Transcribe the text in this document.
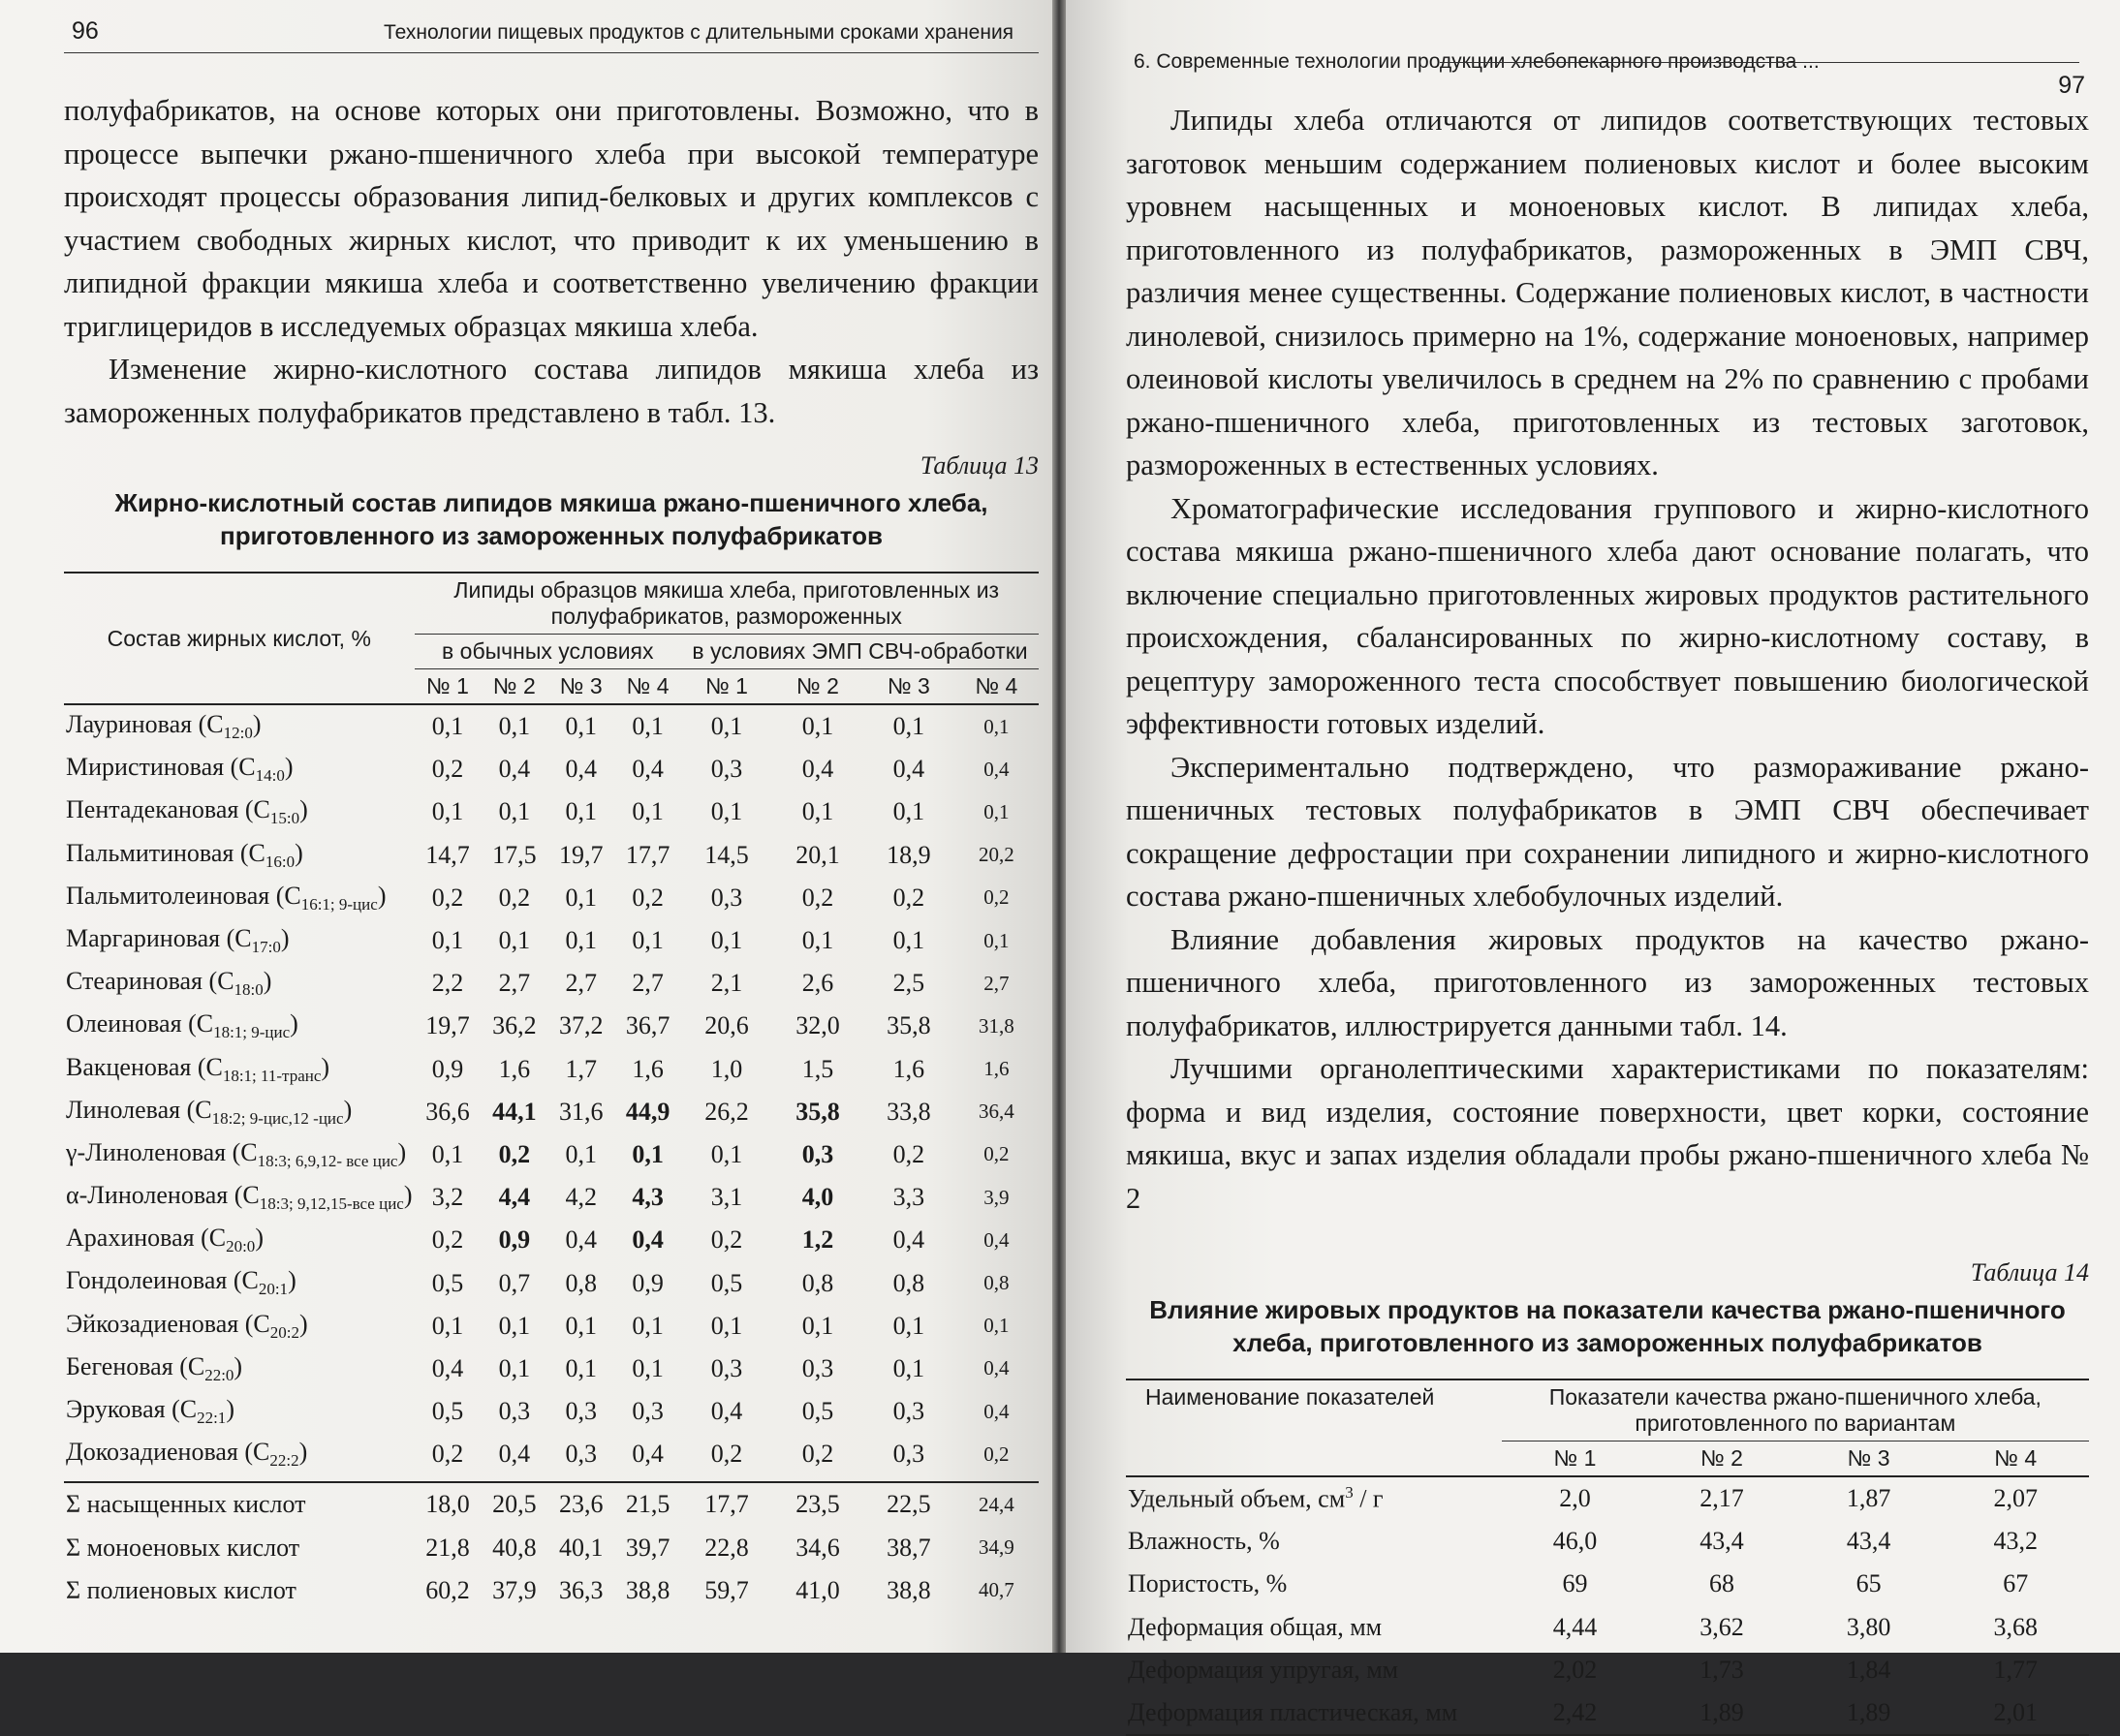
96	Технологии пищевых продуктов с длительными сроками хранения

полуфабрикатов, на основе которых они приготовлены. Возможно, что в процессе выпечки ржано-пшеничного хлеба при высокой температуре происходят процессы образования липид-белковых и других комплексов с участием свободных жирных кислот, что приводит к их уменьшению в липидной фракции мякиша хлеба и соответственно увеличению фракции триглицеридов в исследуемых образцах мякиша хлеба.

Изменение жирно-кислотного состава липидов мякиша хлеба из замороженных полуфабрикатов представлено в табл. 13.

Таблица 13
Жирно-кислотный состав липидов мякиша ржано-пшеничного хлеба, приготовленного из замороженных полуфабрикатов
Состав жирных кислот, %	Липиды образцов мякиша хлеба, приготовленных из полуфабрикатов, размороженных							
	в обычных условиях				в условиях ЭМП СВЧ-обработки			
	№ 1	№ 2	№ 3	№ 4	№ 1	№ 2	№ 3	№ 4
Лауриновая $(C_{12:0})$	0,1	0,1	0,1	0,1	0,1	0,1	0,1	0,1
Миристиновая $(C_{14:0})$	0,2	0,4	0,4	0,4	0,3	0,4	0,4	0,4
Пентадекановая $(C_{15:0})$	0,1	0,1	0,1	0,1	0,1	0,1	0,1	0,1
Пальмитиновая $(C_{16:0})$	14,7	17,5	19,7	17,7	14,5	20,1	18,9	20,2
Пальмитолеиновая $(C_{16:1; 9-цис})$	0,2	0,2	0,1	0,2	0,3	0,2	0,2	0,2
Маргариновая $(C_{17:0})$	0,1	0,1	0,1	0,1	0,1	0,1	0,1	0,1
Стеариновая $(C_{18:0})$	2,2	2,7	2,7	2,7	2,1	2,6	2,5	2,7
Олеиновая $(C_{18:1; 9-цис})$	19,7	36,2	37,2	36,7	20,6	32,0	35,8	31,8
Вакценовая $(C_{18:1; 11-транс})$	0,9	1,6	1,7	1,6	1,0	1,5	1,6	1,6
Линолевая $(C_{18:2; 9-цис,12 -цис})$	36,6	44,1	31,6	44,9	26,2	35,8	33,8	36,4
γ-Линоленовая $(C_{18:3; 6,9,12- все цис})$	0,1	0,2	0,1	0,1	0,1	0,3	0,2	0,2
α-Линоленовая $(C_{18:3; 9,12,15-все цис})$	3,2	4,4	4,2	4,3	3,1	4,0	3,3	3,9
Арахиновая $(C_{20:0})$	0,2	0,9	0,4	0,4	0,2	1,2	0,4	0,4
Гондолеиновая $(C_{20:1})$	0,5	0,7	0,8	0,9	0,5	0,8	0,8	0,8
Эйкозадиеновая $(C_{20:2})$	0,1	0,1	0,1	0,1	0,1	0,1	0,1	0,1
Бегеновая $(C_{22:0})$	0,4	0,1	0,1	0,1	0,3	0,3	0,1	0,4
Эруковая $(C_{22:1})$	0,5	0,3	0,3	0,3	0,4	0,5	0,3	0,4
Докозадиеновая $(C_{22:2})$	0,2	0,4	0,3	0,4	0,2	0,2	0,3	0,2
Σ насыщенных кислот	18,0	20,5	23,6	21,5	17,7	23,5	22,5	24,4
Σ моноеновых кислот	21,8	40,8	40,1	39,7	22,8	34,6	38,7	34,9
Σ полиеновых кислот	60,2	37,9	36,3	38,8	59,7	41,0	38,8	40,7
6. Современные технологии продукции хлебопекарного производства ...
97

Липиды хлеба отличаются от липидов соответствующих тестовых заготовок меньшим содержанием полиеновых кислот и более высоким уровнем насыщенных и моноеновых кислот. В липидах хлеба, приготовленного из полуфабрикатов, размороженных в ЭМП СВЧ, различия менее существенны. Содержание полиеновых кислот, в частности линолевой, снизилось примерно на 1%, содержание моноеновых, например олеиновой кислоты увеличилось в среднем на 2% по сравнению с пробами ржано-пшеничного хлеба, приготовленных из тестовых заготовок, размороженных в естественных условиях.

Хроматографические исследования группового и жирно-кислотного состава мякиша ржано-пшеничного хлеба дают основание полагать, что включение специально приготовленных жировых продуктов растительного происхождения, сбалансированных по жирно-кислотному составу, в рецептуру замороженного теста способствует повышению биологической эффективности готовых изделий.

Экспериментально подтверждено, что размораживание ржано-пшеничных тестовых полуфабрикатов в ЭМП СВЧ обеспечивает сокращение дефростации при сохранении липидного и жирно-кислотного состава ржано-пшеничных хлебобулочных изделий.

Влияние добавления жировых продуктов на качество ржано-пшеничного хлеба, приготовленного из замороженных тестовых полуфабрикатов, иллюстрируется данными табл. 14.

Лучшими органолептическими характеристиками по показателям: форма и вид изделия, состояние поверхности, цвет корки, состояние мякиша, вкус и запах изделия обладали пробы ржано-пшеничного хлеба № 2

Таблица 14
Влияние жировых продуктов на показатели качества ржано-пшеничного хлеба, приготовленного из замороженных полуфабрикатов
Наименование показателей	Показатели качества ржано-пшеничного хлеба, приготовленного по вариантам			
	№ 1	№ 2	№ 3	№ 4
Удельный объем, $см^3$ / г	2,0	2,17	1,87	2,07
Влажность, %	46,0	43,4	43,4	43,2
Пористость, %	69	68	65	67
Деформация общая, мм	4,44	3,62	3,80	3,68
Деформация упругая, мм	2,02	1,73	1,84	1,77
Деформация пластическая, мм	2,42	1,89	1,89	2,01
